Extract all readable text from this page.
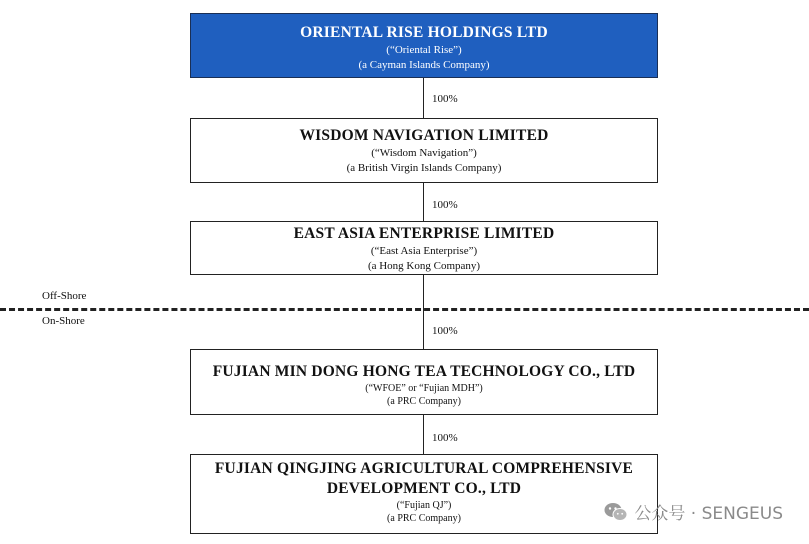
100%
100%
100%
100%
ORIENTAL RISE HOLDINGS LTD
(“Oriental Rise”)
(a Cayman Islands Company)
WISDOM NAVIGATION LIMITED
(“Wisdom Navigation”)
(a British Virgin Islands Company)
EAST ASIA ENTERPRISE LIMITED
(“East Asia Enterprise”)
(a Hong Kong Company)
Off-Shore
On-Shore
FUJIAN MIN DONG HONG TEA TECHNOLOGY CO., LTD
(“WFOE” or “Fujian MDH”)
(a PRC Company)
FUJIAN QINGJING AGRICULTURAL COMPREHENSIVE
DEVELOPMENT CO., LTD
(“Fujian QJ”)
(a PRC Company)	公众号 · SENGEUS
